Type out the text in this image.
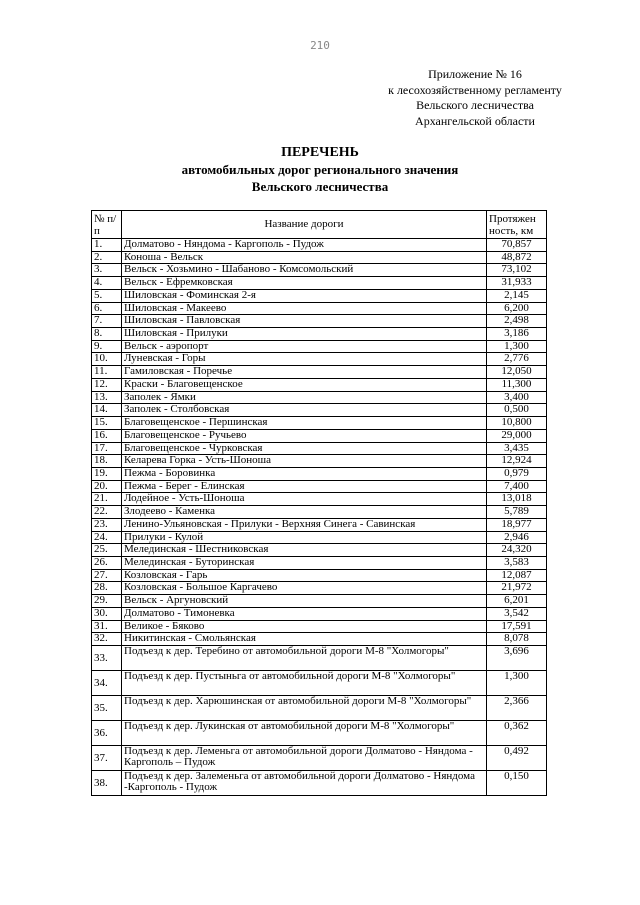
210
Приложение № 16
к лесохозяйственному регламенту
Вельского лесничества
Архангельской области
ПЕРЕЧЕНЬ
автомобильных дорог регионального значения
Вельского лесничества
№ п/п	Название дороги	Протяжен ность, км
1.	Долматово - Няндома - Каргополь - Пудож	70,857
2.	Коноша - Вельск	48,872
3.	Вельск - Хозьмино - Шабаново - Комсомольский	73,102
4.	Вельск - Ефремковская	31,933
5.	Шиловская - Фоминская 2-я	2,145
6.	Шиловская - Макеево	6,200
7.	Шиловская - Павловская	2,498
8.	Шиловская - Прилуки	3,186
9.	Вельск - аэропорт	1,300
10.	Луневская - Горы	2,776
11.	Гамиловская - Поречье	12,050
12.	Краски - Благовещенское	11,300
13.	Заполек - Ямки	3,400
14.	Заполек - Столбовская	0,500
15.	Благовещенское - Першинская	10,800
16.	Благовещенское - Ручьево	29,000
17.	Благовещенское - Чурковская	3,435
18.	Келарева Горка - Усть-Шоноша	12,924
19.	Пежма - Боровинка	0,979
20.	Пежма - Берег - Елинская	7,400
21.	Лодейное - Усть-Шоноша	13,018
22.	Злодеево - Каменка	5,789
23.	Ленино-Ульяновская - Прилуки - Верхняя Синега - Савинская	18,977
24.	Прилуки - Кулой	2,946
25.	Мелединская - Шестниковская	24,320
26.	Мелединская - Буторинская	3,583
27.	Козловская - Гарь	12,087
28.	Козловская - Большое Каргачево	21,972
29.	Вельск - Аргуновский	6,201
30.	Долматово - Тимоневка	3,542
31.	Великое - Бяково	17,591
32.	Никитинская - Смольянская	8,078
33.	Подъезд к дер. Теребино от автомобильной дороги М-8 "Холмогоры"	3,696
34.	Подъезд к дер. Пустыньга от автомобильной дороги М-8 "Холмогоры"	1,300
35.	Подъезд к дер. Харюшинская от автомобильной дороги М-8 "Холмогоры"	2,366
36.	Подъезд к дер. Лукинская от автомобильной дороги М-8 "Холмогоры"	0,362
37.	Подъезд к дер. Леменьга от автомобильной дороги Долматово - Няндома - Каргополь – Пудож	0,492
38.	Подъезд к дер. Залеменьга от автомобильной дороги Долматово - Няндома -Каргополь - Пудож	0,150
